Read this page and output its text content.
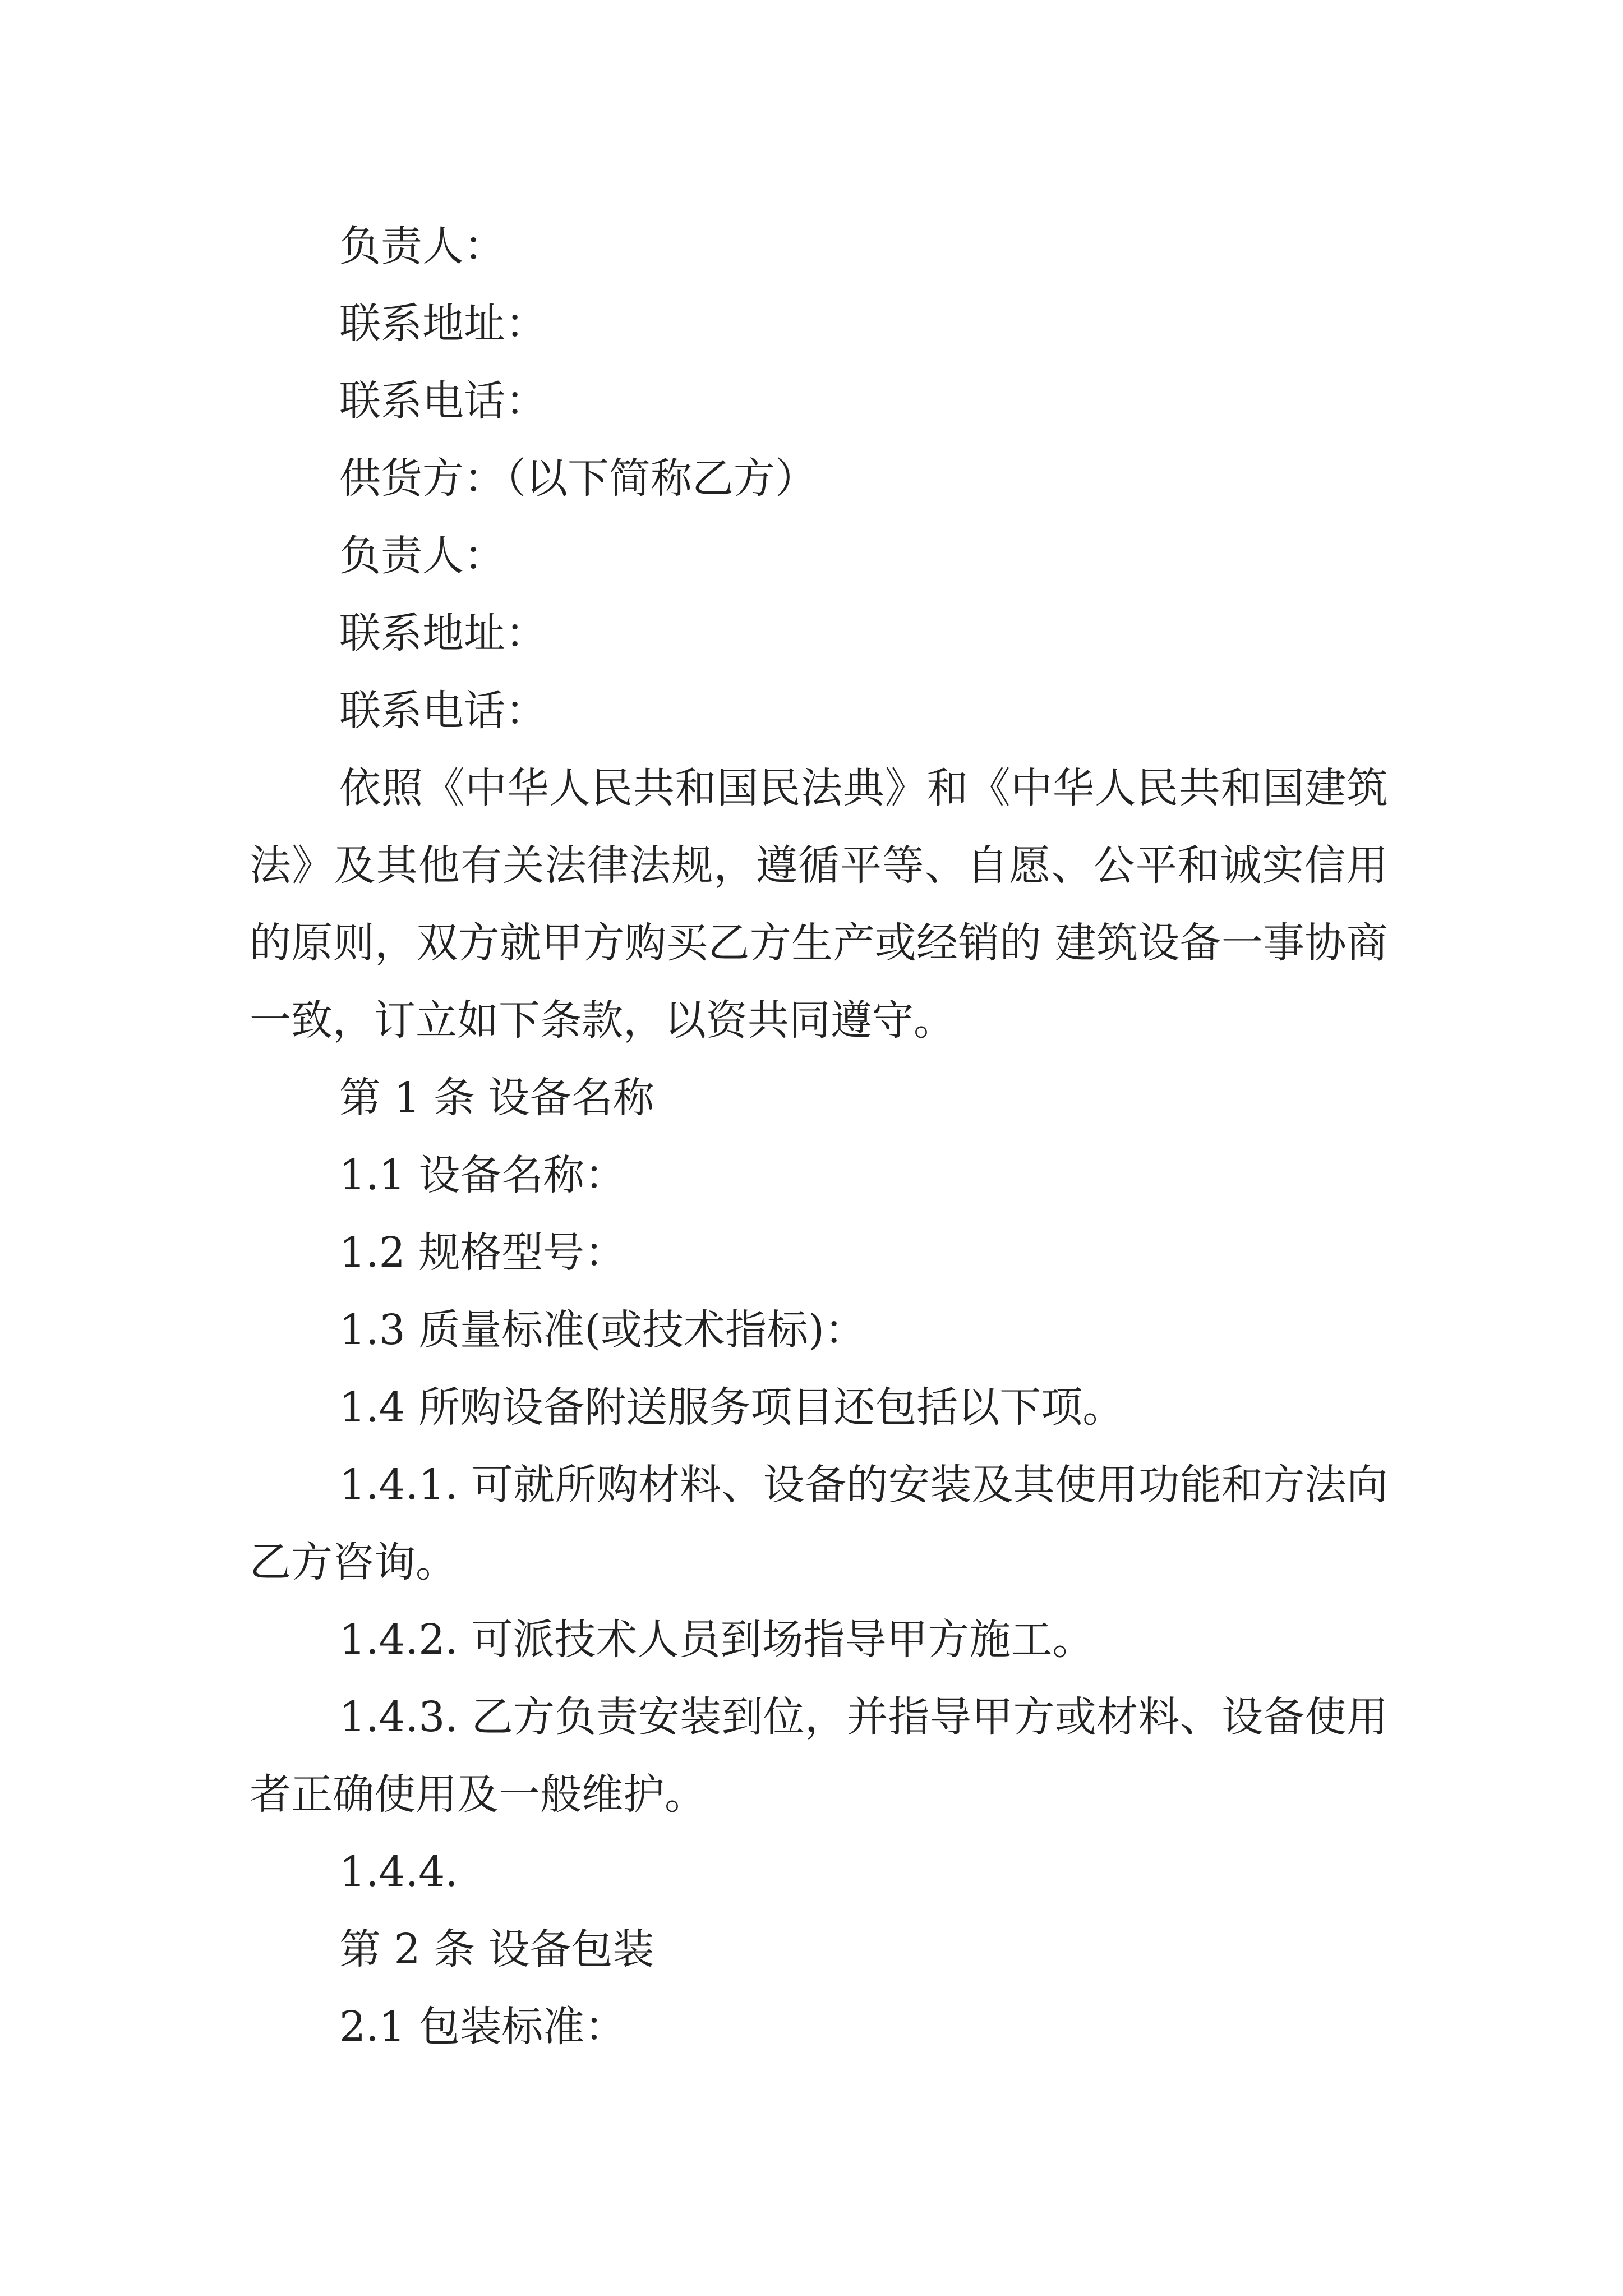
负责人：

联系地址：

联系电话：

供货方：（以下简称乙方）

负责人：

联系地址：

联系电话：

依照《中华人民共和国民法典》和《中华人民共和国建筑法》及其他有关法律法规，遵循平等、自愿、公平和诚实信用的原则，双方就甲方购买乙方生产或经销的 建筑设备一事协商一致，订立如下条款，以资共同遵守。

第 1 条 设备名称

1.1 设备名称：

1.2 规格型号：

1.3 质量标准(或技术指标)：

1.4 所购设备附送服务项目还包括以下项。

1.4.1. 可就所购材料、设备的安装及其使用功能和方法向乙方咨询。

1.4.2. 可派技术人员到场指导甲方施工。

1.4.3. 乙方负责安装到位，并指导甲方或材料、设备使用者正确使用及一般维护。

1.4.4.

第 2 条 设备包装

2.1 包装标准：
